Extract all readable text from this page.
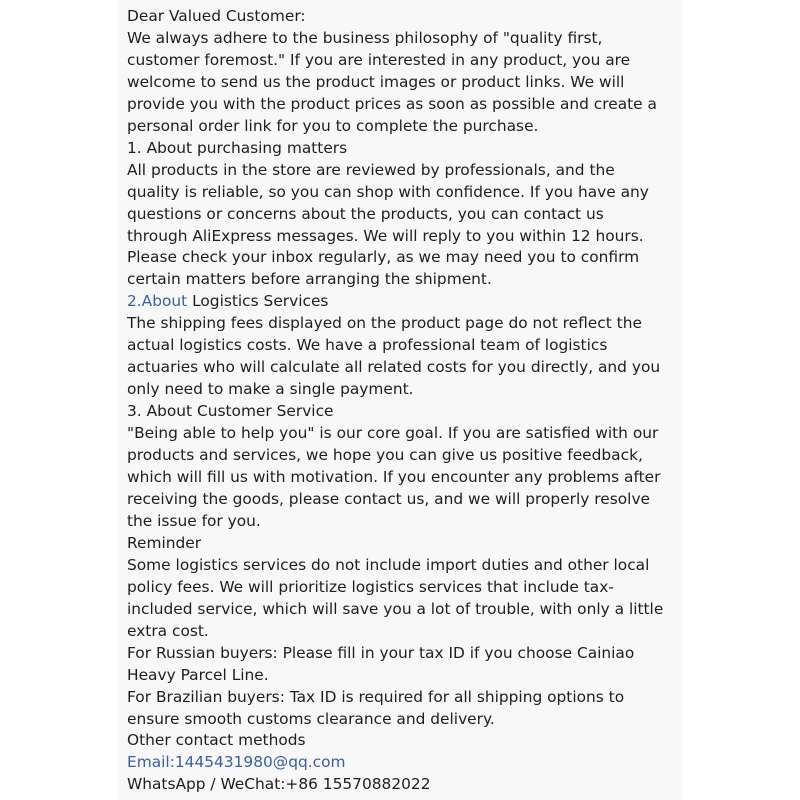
Dear Valued Customer:
We always adhere to the business philosophy of "quality first,
customer foremost." If you are interested in any product, you are
welcome to send us the product images or product links. We will
provide you with the product prices as soon as possible and create a
personal order link for you to complete the purchase.
1. About purchasing matters
All products in the store are reviewed by professionals, and the
quality is reliable, so you can shop with confidence. If you have any
questions or concerns about the products, you can contact us
through AliExpress messages. We will reply to you within 12 hours.
Please check your inbox regularly, as we may need you to confirm
certain matters before arranging the shipment.
2.About Logistics Services
The shipping fees displayed on the product page do not reflect the
actual logistics costs. We have a professional team of logistics
actuaries who will calculate all related costs for you directly, and you
only need to make a single payment.
3. About Customer Service
"Being able to help you" is our core goal. If you are satisfied with our
products and services, we hope you can give us positive feedback,
which will fill us with motivation. If you encounter any problems after
receiving the goods, please contact us, and we will properly resolve
the issue for you.
Reminder
Some logistics services do not include import duties and other local
policy fees. We will prioritize logistics services that include tax-
included service, which will save you a lot of trouble, with only a little
extra cost.
For Russian buyers: Please fill in your tax ID if you choose Cainiao
Heavy Parcel Line.
For Brazilian buyers: Tax ID is required for all shipping options to
ensure smooth customs clearance and delivery.
Other contact methods
Email:1445431980@qq.com
WhatsApp / WeChat:+86 15570882022
